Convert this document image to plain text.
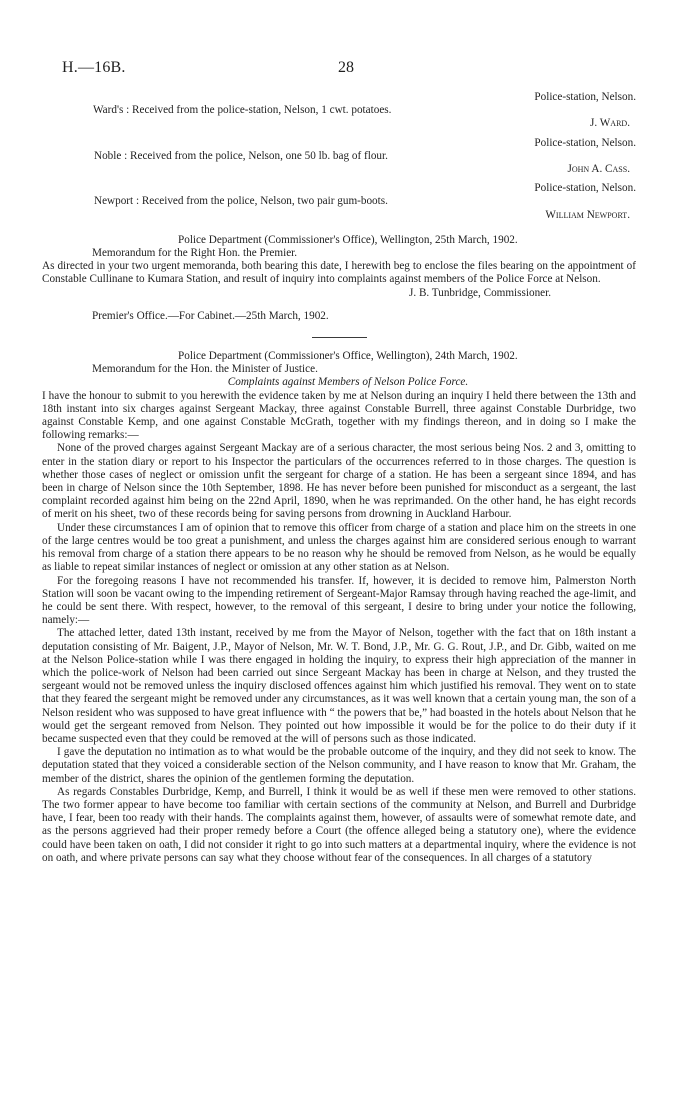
H.—16B.	28
Police-station, Nelson.
Ward's : Received from the police-station, Nelson, 1 cwt. potatoes.
J. Ward.
Police-station, Nelson.
Noble : Received from the police, Nelson, one 50 lb. bag of flour.
John A. Cass.
Police-station, Nelson.
Newport : Received from the police, Nelson, two pair gum-boots.
William Newport.
Police Department (Commissioner's Office), Wellington, 25th March, 1902.
Memorandum for the Right Hon. the Premier.

As directed in your two urgent memoranda, both bearing this date, I herewith beg to enclose the files bearing on the appointment of Constable Cullinane to Kumara Station, and result of inquiry into complaints against members of the Police Force at Nelson.

J. B. Tunbridge, Commissioner.
Premier's Office.—For Cabinet.—25th March, 1902.
Police Department (Commissioner's Office, Wellington), 24th March, 1902.
Memorandum for the Hon. the Minister of Justice.
Complaints against Members of Nelson Police Force.

I have the honour to submit to you herewith the evidence taken by me at Nelson during an inquiry I held there between the 13th and 18th instant into six charges against Sergeant Mackay, three against Constable Burrell, three against Constable Durbridge, two against Constable Kemp, and one against Constable McGrath, together with my findings thereon, and in doing so I make the following remarks:—

None of the proved charges against Sergeant Mackay are of a serious character, the most serious being Nos. 2 and 3, omitting to enter in the station diary or report to his Inspector the particulars of the occurrences referred to in those charges. The question is whether those cases of neglect or omission unfit the sergeant for charge of a station. He has been a sergeant since 1894, and has been in charge of Nelson since the 10th September, 1898. He has never before been punished for misconduct as a sergeant, the last complaint recorded against him being on the 22nd April, 1890, when he was reprimanded. On the other hand, he has eight records of merit on his sheet, two of these records being for saving persons from drowning in Auckland Harbour.

Under these circumstances I am of opinion that to remove this officer from charge of a station and place him on the streets in one of the large centres would be too great a punishment, and unless the charges against him are considered serious enough to warrant his removal from charge of a station there appears to be no reason why he should be removed from Nelson, as he would be equally as liable to repeat similar instances of neglect or omission at any other station as at Nelson.

For the foregoing reasons I have not recommended his transfer. If, however, it is decided to remove him, Palmerston North Station will soon be vacant owing to the impending retirement of Sergeant-Major Ramsay through having reached the age-limit, and he could be sent there. With respect, however, to the removal of this sergeant, I desire to bring under your notice the following, namely:—

The attached letter, dated 13th instant, received by me from the Mayor of Nelson, together with the fact that on 18th instant a deputation consisting of Mr. Baigent, J.P., Mayor of Nelson, Mr. W. T. Bond, J.P., Mr. G. G. Rout, J.P., and Dr. Gibb, waited on me at the Nelson Police-station while I was there engaged in holding the inquiry, to express their high appreciation of the manner in which the police-work of Nelson had been carried out since Sergeant Mackay has been in charge at Nelson, and they trusted the sergeant would not be removed unless the inquiry disclosed offences against him which justified his removal. They went on to state that they feared the sergeant might be removed under any circumstances, as it was well known that a certain young man, the son of a Nelson resident who was supposed to have great influence with “ the powers that be,” had boasted in the hotels about Nelson that he would get the sergeant removed from Nelson. They pointed out how impossible it would be for the police to do their duty if it became suspected even that they could be removed at the will of persons such as those indicated.

I gave the deputation no intimation as to what would be the probable outcome of the inquiry, and they did not seek to know. The deputation stated that they voiced a considerable section of the Nelson community, and I have reason to know that Mr. Graham, the member of the district, shares the opinion of the gentlemen forming the deputation.

As regards Constables Durbridge, Kemp, and Burrell, I think it would be as well if these men were removed to other stations. The two former appear to have become too familiar with certain sections of the community at Nelson, and Burrell and Durbridge have, I fear, been too ready with their hands. The complaints against them, however, of assaults were of somewhat remote date, and as the persons aggrieved had their proper remedy before a Court (the offence alleged being a statutory one), where the evidence could have been taken on oath, I did not consider it right to go into such matters at a departmental inquiry, where the evidence is not on oath, and where private persons can say what they choose without fear of the consequences. In all charges of a statutory
